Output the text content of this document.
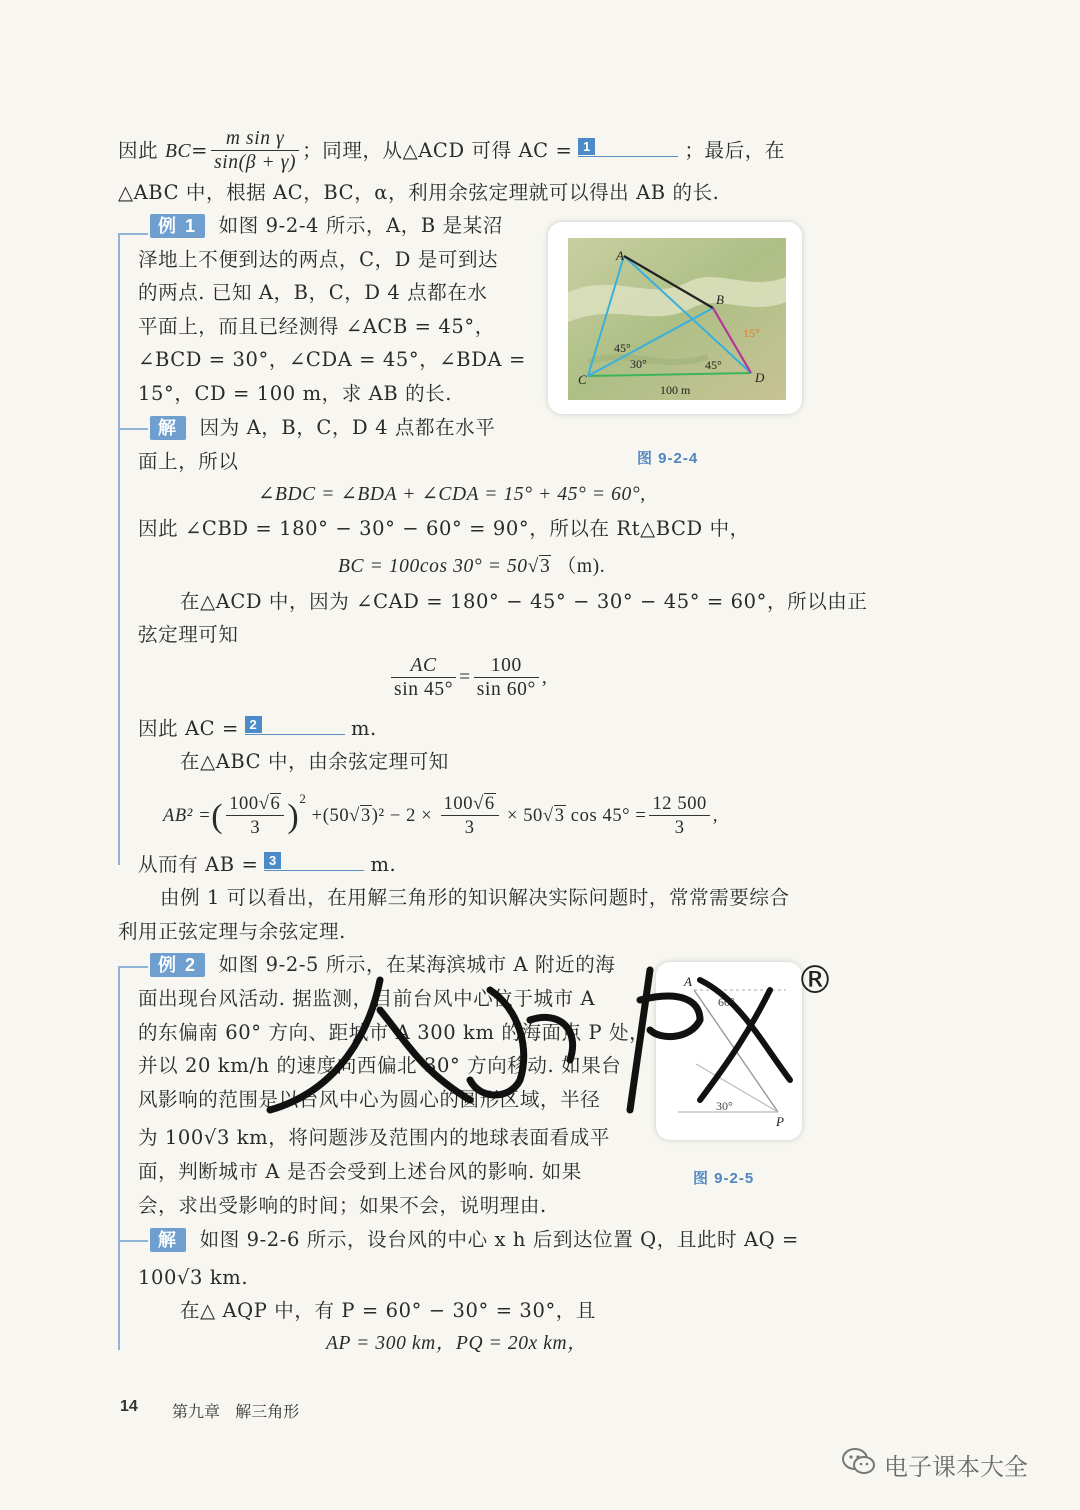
因此 $BC= \frac{\text{m sin γ}}{\sin(\beta + \gamma)}$ ；同理，从△ACD 可得 AC = 1	；最后，在
△ABC 中，根据 AC，BC，α，利用余弦定理就可以得出 AB 的长.
例 1 如图 9-2-4 所示，A，B 是某沼
泽地上不便到达的两点，C，D 是可到达
的两点. 已知 A，B，C，D 4 点都在水
平面上，而且已经测得 ∠ACB = 45°，
∠BCD = 30°，∠CDA = 45°，∠BDA =
15°，CD = 100 m，求 AB 的长.
解 因为 A，B，C，D 4 点都在水平
面上，所以
∠BDC = ∠BDA + ∠CDA = 15° + 45° = 60°,
因此 ∠CBD = 180° − 30° − 60° = 90°，所以在 Rt△BCD 中，
BC = 100cos 30° = 50√3 （m).
在△ACD 中，因为 ∠CAD = 180° − 45° − 30° − 45° = 60°，所以由正
弦定理可知
$\frac{AC}{\sin 45^\circ} = \frac{100}{\sin 60^\circ}$ ,
因此 AC = 2	m.
在△ABC 中，由余弦定理可知
AB² =( $\frac{100√6}{3} )^2 +(50√3)^2 - 2 \times \frac{100√6}{3} \times 50√3$ $\cos 45^\circ = \frac{12 500}{3}$ ,
从而有 AB = 3	m.
由例 1 可以看出，在用解三角形的知识解决实际问题时，常常需要综合
利用正弦定理与余弦定理.
例 2 如图 9-2-5 所示，在某海滨城市 A 附近的海
面出现台风活动. 据监测，目前台风中心位于城市 A
的东偏南 60° 方向、距城市 A 300 km 的海面点 P 处，
并以 20 km/h 的速度向西偏北 30° 方向移动. 如果台
风影响的范围是以台风中心为圆心的圆形区域，半径
为 100√3 km，将问题涉及范围内的地球表面看成平
面，判断城市 A 是否会受到上述台风的影响. 如果
会，求出受影响的时间；如果不会，说明理由.
解 如图 9-2-6 所示，设台风的中心 x h 后到达位置 Q，且此时 AQ =
100√3 km.
在△ AQP 中，有 P = 60° − 30° = 30°，且
AP = 300 km，PQ = 20x km，
A
B
C	D
45°
30°	45°
15°
100 m
图 9-2-4
A
60°
30°
P
图 9-2-5
®
14 第九章   解三角形
电子课本大全
